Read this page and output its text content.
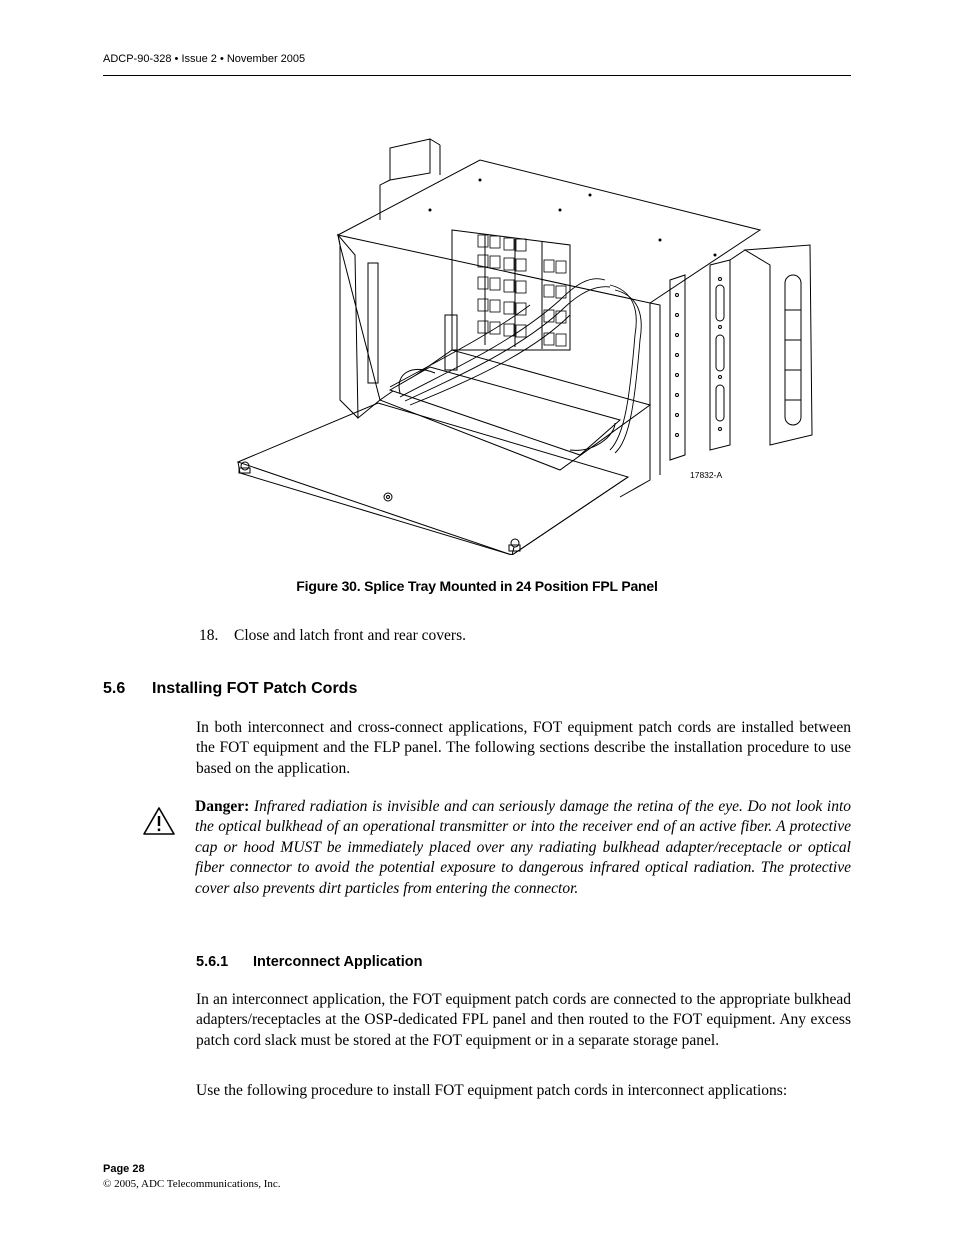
ADCP-90-328 • Issue 2 • November 2005
17832-A
Figure 30. Splice Tray Mounted in 24 Position FPL Panel
18. Close and latch front and rear covers.
5.6 Installing FOT Patch Cords

In both interconnect and cross-connect applications, FOT equipment patch cords are installed between the FOT equipment and the FLP panel. The following sections describe the installation procedure to use based on the application.

Danger: Infrared radiation is invisible and can seriously damage the retina of the eye. Do not look into the optical bulkhead of an operational transmitter or into the receiver end of an active fiber. A protective cap or hood MUST be immediately placed over any radiating bulkhead adapter/receptacle or optical fiber connector to avoid the potential exposure to dangerous infrared optical radiation. The protective cover also prevents dirt particles from entering the connector.

5.6.1 Interconnect Application

In an interconnect application, the FOT equipment patch cords are connected to the appropriate bulkhead adapters/receptacles at the OSP-dedicated FPL panel and then routed to the FOT equipment. Any excess patch cord slack must be stored at the FOT equipment or in a separate storage panel.

Use the following procedure to install FOT equipment patch cords in interconnect applications:

Page 28
© 2005, ADC Telecommunications, Inc.
